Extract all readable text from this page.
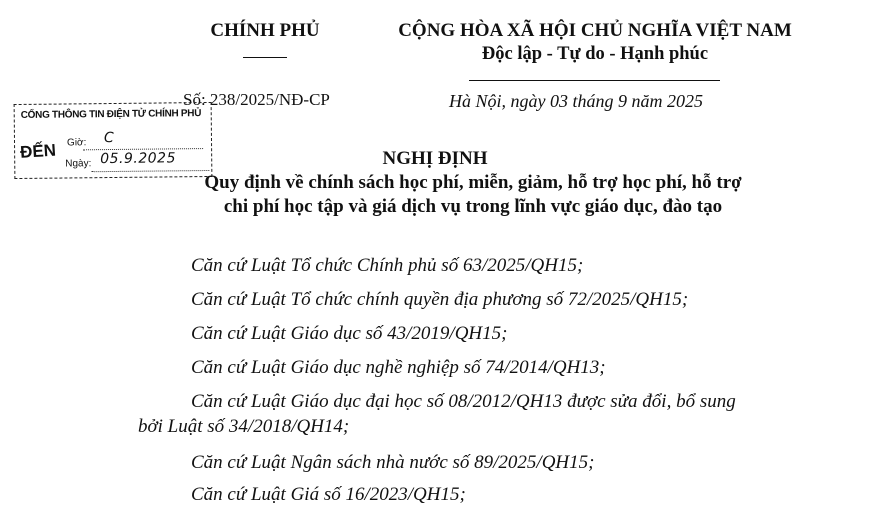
CHÍNH PHỦ	CỘNG HÒA XÃ HỘI CHỦ NGHĨA VIỆT NAM
Độc lập - Tự do - Hạnh phúc
Số: 238/2025/NĐ-CP	Hà Nội, ngày 03 tháng 9 năm 2025
CỔNG THÔNG TIN ĐIỆN TỬ CHÍNH PHỦ
ĐẾN Giờ: C
Ngày: 05.9.2025	NGHỊ ĐỊNH
Quy định về chính sách học phí, miễn, giảm, hỗ trợ học phí, hỗ trợ
chi phí học tập và giá dịch vụ trong lĩnh vực giáo dục, đào tạo
Căn cứ Luật Tổ chức Chính phủ số 63/2025/QH15;
Căn cứ Luật Tổ chức chính quyền địa phương số 72/2025/QH15;
Căn cứ Luật Giáo dục số 43/2019/QH15;
Căn cứ Luật Giáo dục nghề nghiệp số 74/2014/QH13;
Căn cứ Luật Giáo dục đại học số 08/2012/QH13 được sửa đổi, bổ sung
bởi Luật số 34/2018/QH14;
Căn cứ Luật Ngân sách nhà nước số 89/2025/QH15;
Căn cứ Luật Giá số 16/2023/QH15;
